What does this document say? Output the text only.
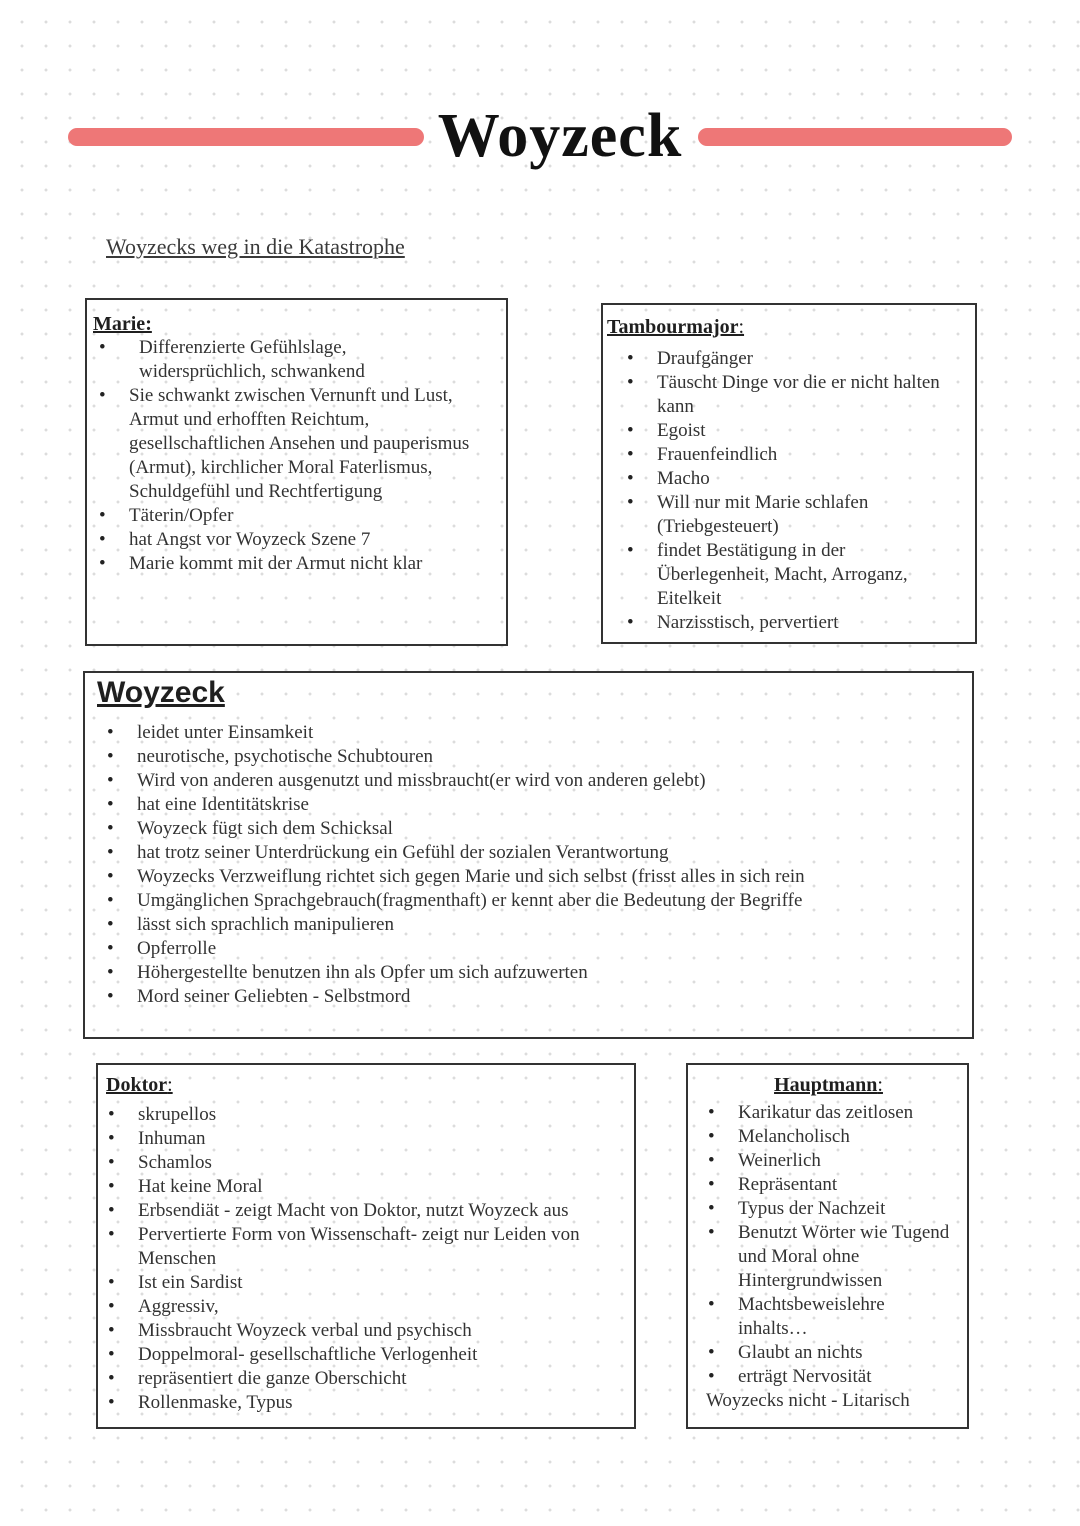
Woyzeck
Woyzecks weg in die Katastrophe
Marie:
• Differenzierte Gefühlslage, widersprüchlich, schwankend
• Sie schwankt zwischen Vernunft und Lust, Armut und erhofften Reichtum, gesellschaftlichen Ansehen und pauperismus (Armut), kirchlicher Moral Faterlismus, Schuldgefühl und Rechtfertigung
• Täterin/Opfer
• hat Angst vor Woyzeck Szene 7
• Marie kommt mit der Armut nicht klar
Tambourmajor:
• Draufgänger
• Täuscht Dinge vor die er nicht halten kann
• Egoist
• Frauenfeindlich
• Macho
• Will nur mit Marie schlafen (Triebgesteuert)
• findet Bestätigung in der Überlegenheit, Macht, Arroganz, Eitelkeit
• Narzisstisch, pervertiert
Woyzeck
• leidet unter Einsamkeit
• neurotische, psychotische Schubtouren
• Wird von anderen ausgenutzt und missbraucht(er wird von anderen gelebt)
• hat eine Identitätskrise
• Woyzeck fügt sich dem Schicksal
• hat trotz seiner Unterdrückung ein Gefühl der sozialen Verantwortung
• Woyzecks Verzweiflung richtet sich gegen Marie und sich selbst (frisst alles in sich rein
• Umgänglichen Sprachgebrauch(fragmenthaft) er kennt aber die Bedeutung der Begriffe
• lässt sich sprachlich manipulieren
• Opferrolle
• Höhergestellte benutzen ihn als Opfer um sich aufzuwerten
• Mord seiner Geliebten - Selbstmord
Doktor:
• skrupellos
• Inhuman
• Schamlos
• Hat keine Moral
• Erbsendiät - zeigt Macht von Doktor, nutzt Woyzeck aus
• Pervertierte Form von Wissenschaft- zeigt nur Leiden von Menschen
• Ist ein Sardist
• Aggressiv,
• Missbraucht Woyzeck verbal und psychisch
• Doppelmoral- gesellschaftliche Verlogenheit
• repräsentiert die ganze Oberschicht
• Rollenmaske, Typus
Hauptmann:
• Karikatur das zeitlosen
• Melancholisch
• Weinerlich
• Repräsentant
• Typus der Nachzeit
• Benutzt Wörter wie Tugend und Moral ohne Hintergrundwissen
• Machtsbeweislehre inhalts…
• Glaubt an nichts
• erträgt Nervosität

Woyzecks nicht - Litarisch
